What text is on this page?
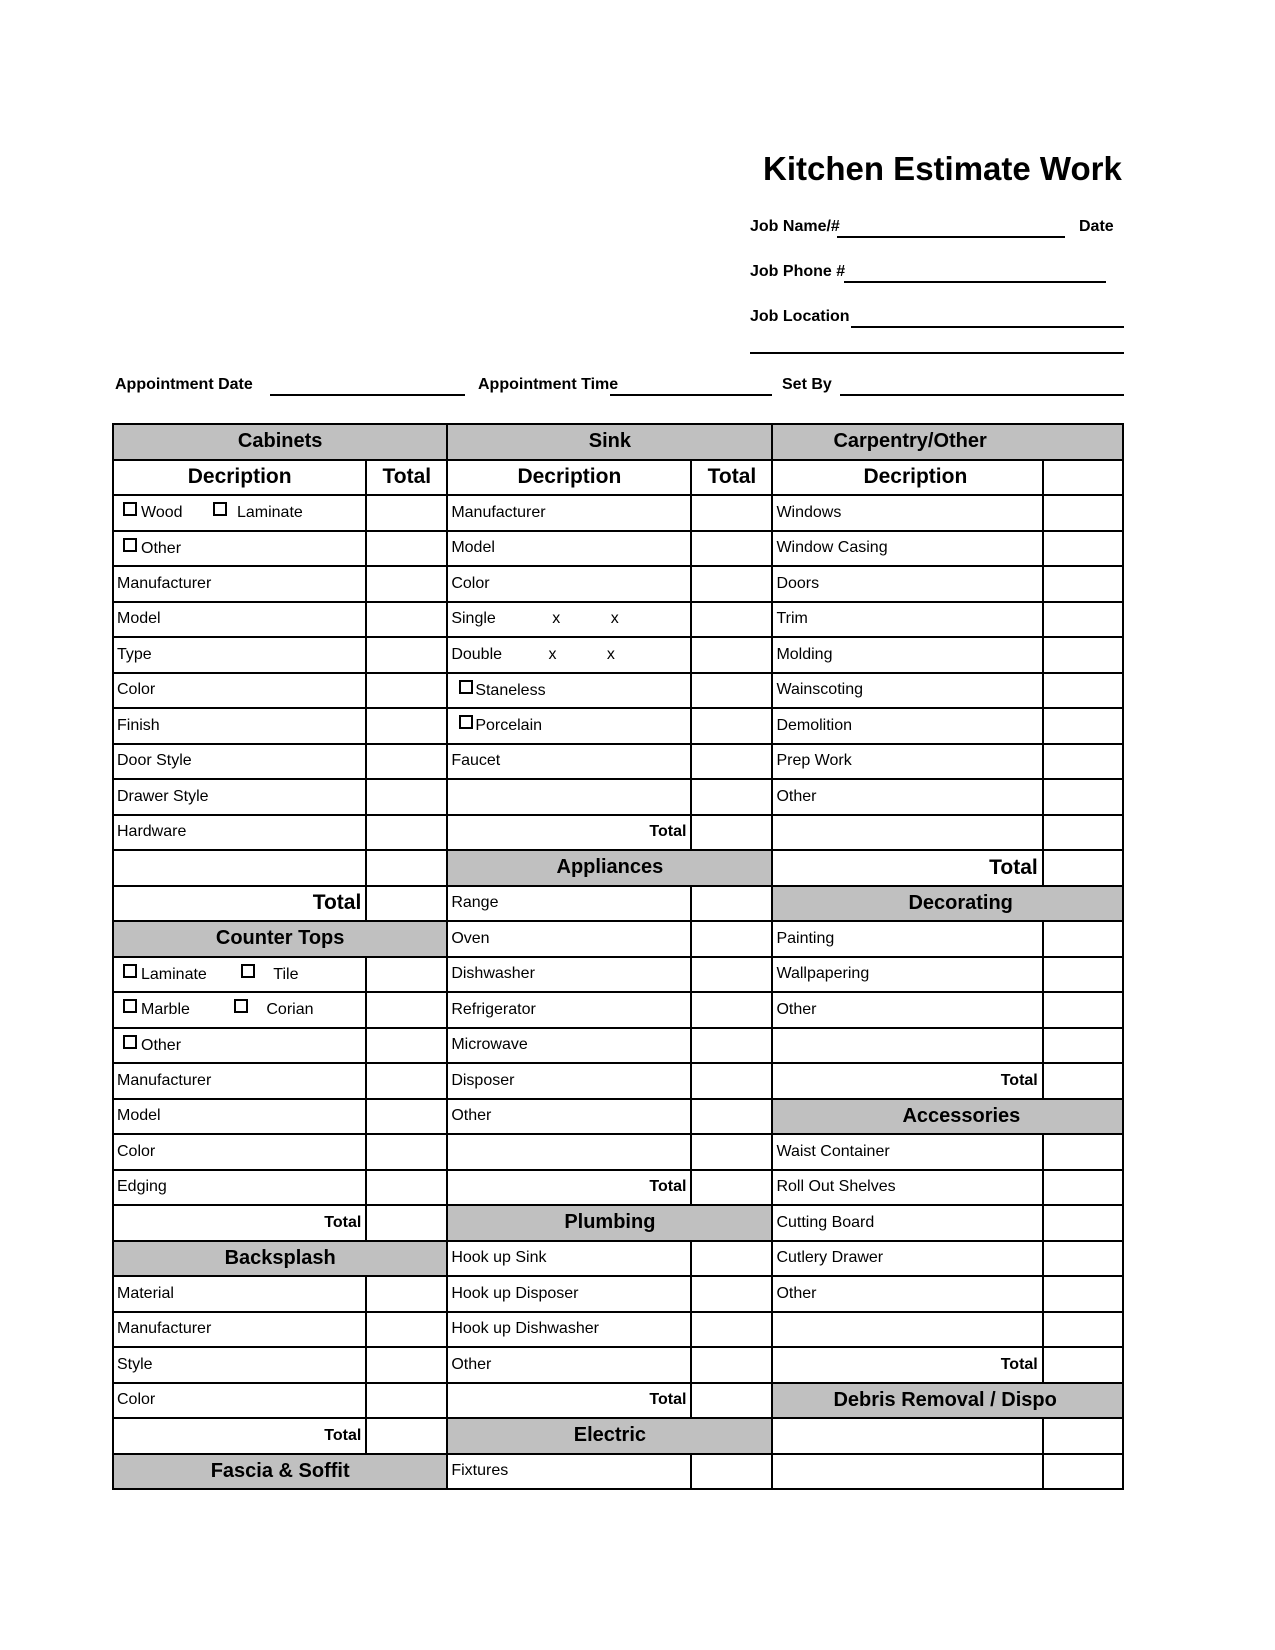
Kitchen Estimate Work
Job Name/#	Date
Job Phone #
Job Location
Appointment Date	Appointment Time	Set By
Cabinets		Sink		Carpentry/Other	
Decription	Total	Decription	Total	Decription	
Wood Laminate		Manufacturer		Windows	
Other		Model		Window Casing	
Manufacturer		Color		Doors	
Model		Single x x		Trim	
Type		Double x x		Molding	
Color		Staneless		Wainscoting	
Finish		Porcelain		Demolition	
Door Style		Faucet		Prep Work	
Drawer Style				Other	
Hardware		Total			
		Appliances		Total	
Total		Range		Decorating	
Counter Tops		Oven		Painting	
Laminate Tile		Dishwasher		Wallpapering	
Marble Corian		Refrigerator		Other	
Other		Microwave			
Manufacturer		Disposer		Total	
Model		Other		Accessories	
Color				Waist Container	
Edging		Total		Roll Out Shelves	
Total		Plumbing		Cutting Board	
Backsplash		Hook up Sink		Cutlery Drawer	
Material		Hook up Disposer		Other	
Manufacturer		Hook up Dishwasher			
Style		Other		Total	
Color		Total		Debris Removal / Dispo	
Total		Electric			
Fascia & Soffit		Fixtures			
